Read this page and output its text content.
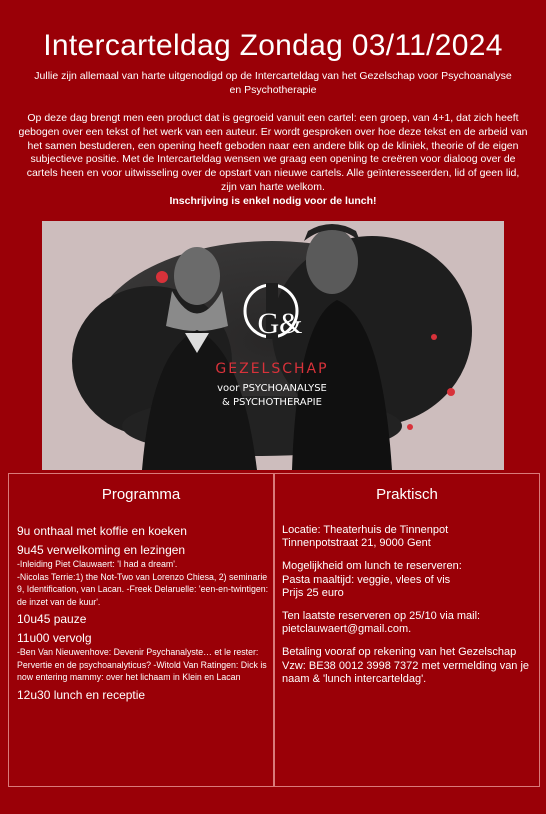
Intercarteldag Zondag 03/11/2024
Jullie zijn allemaal van harte uitgenodigd op de Intercarteldag van het Gezelschap voor Psychoanalyse en Psychotherapie
Op deze dag brengt men een product dat is gegroeid vanuit een cartel: een groep, van 4+1, dat zich heeft gebogen over een tekst of het werk van een auteur. Er wordt gesproken over hoe deze tekst en de arbeid van het samen bestuderen, een opening heeft geboden naar een andere blik op de kliniek, theorie of de eigen subjectieve positie. Met de Intercarteldag wensen we graag een opening te creëren voor dialoog over de cartels heen en voor uitwisseling over de opstart van nieuwe cartels. Alle geïnteresseerden, lid of geen lid, zijn van harte welkom.
Inschrijving is enkel nodig voor de lunch!
G&
GEZELSCHAP
voor PSYCHOANALYSE
& PSYCHOTHERAPIE
Programma

9u onthaal met koffie en koeken

9u45 verwelkoming en lezingen

-Inleiding Piet Clauwaert: 'I had a dream'.

-Nicolas Terrie:1) the Not-Two van Lorenzo Chiesa, 2) seminarie 9, Identification, van Lacan. -Freek Delaruelle: 'een-en-twintigen: de inzet van de kuur'.

10u45 pauze

11u00 vervolg

-Ben Van Nieuwenhove: Devenir Psychanalyste… et le rester: Pervertie en de psychoanalyticus? -Witold Van Ratingen: Dick is now entering mammy: over het lichaam in Klein en Lacan

12u30 lunch en receptie

Praktisch

Locatie: Theaterhuis de Tinnenpot
Tinnenpotstraat 21, 9000 Gent

Mogelijkheid om lunch te reserveren:
Pasta maaltijd: veggie, vlees of vis
Prijs 25 euro

Ten laatste reserveren op 25/10 via mail:
pietclauwaert@gmail.com.

Betaling vooraf op rekening van het Gezelschap Vzw: BE38 0012 3998 7372 met vermelding van je naam & 'lunch intercarteldag'.
